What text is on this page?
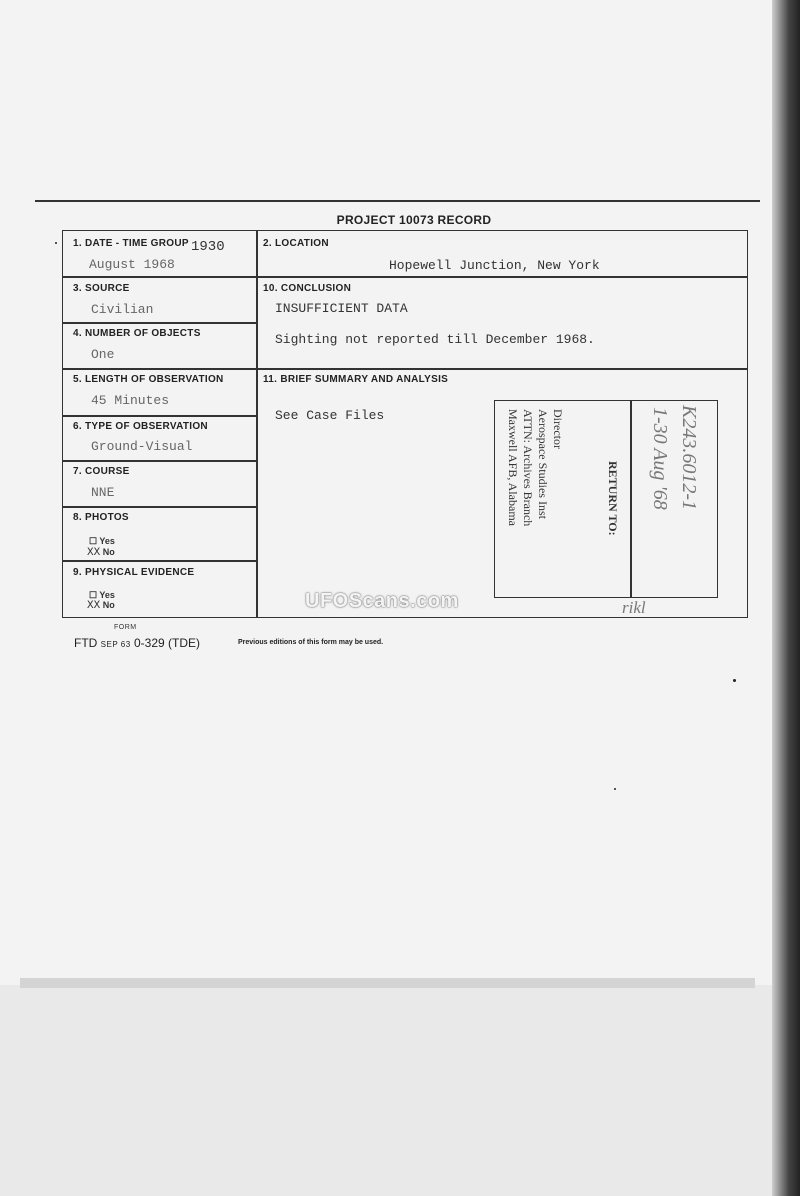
PROJECT 10073 RECORD
1. DATE - TIME GROUP 1930
August 1968
2. LOCATION
Hopewell Junction, New York
3. SOURCE
Civilian
10. CONCLUSION
INSUFFICIENT DATA
Sighting not reported till December 1968.
4. NUMBER OF OBJECTS
One
5. LENGTH OF OBSERVATION
45 Minutes
11. BRIEF SUMMARY AND ANALYSIS
See Case Files
6. TYPE OF OBSERVATION
Ground-Visual
7. COURSE
NNE
8. PHOTOS
☐ Yes
XX No
9. PHYSICAL EVIDENCE
☐ Yes
XX No
Director
Aerospace Studies Inst
ATTN: Archives Branch
Maxwell AFB, Alabama	RETURN TO:	K243.6012-1
1-30 Aug '68
rikl
UFOScans.com
FORM
FTD SEP 63 0-329 (TDE)	Previous editions of this form may be used.
